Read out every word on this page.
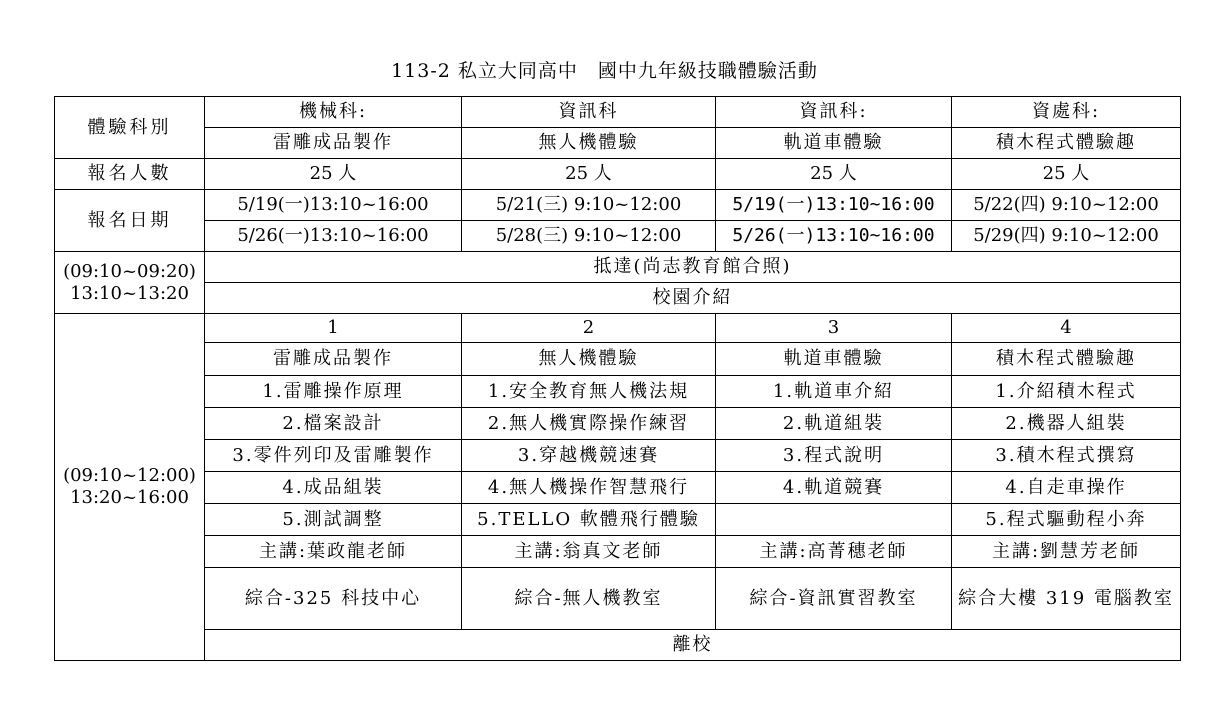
113-2 私立大同高中　國中九年級技職體驗活動
體驗科別	機械科:	資訊科	資訊科:	資處科:
	雷雕成品製作	無人機體驗	軌道車體驗	積木程式體驗趣
報名人數	25 人	25 人	25 人	25 人
報名日期	5/19(一)13:10~16:00	5/21(三) 9:10~12:00	5/19(一)13:10~16:00	5/22(四) 9:10~12:00
	5/26(一)13:10~16:00	5/28(三) 9:10~12:00	5/26(一)13:10~16:00	5/29(四) 9:10~12:00

(09:10~09:20)
13:10~13:20	抵達(尚志教育館合照)			
	校園介紹			

(09:10~12:00)
13:20~16:00	1	2	3	4
	雷雕成品製作	無人機體驗	軌道車體驗	積木程式體驗趣
	1.雷雕操作原理	1.安全教育無人機法規	1.軌道車介紹	1.介紹積木程式
	2.檔案設計	2.無人機實際操作練習	2.軌道組裝	2.機器人組裝
	3.零件列印及雷雕製作	3.穿越機競速賽	3.程式說明	3.積木程式撰寫
	4.成品組裝	4.無人機操作智慧飛行	4.軌道競賽	4.自走車操作
	5.測試調整	5.TELLO 軟體飛行體驗		5.程式驅動程小奔
	主講:葉政龍老師	主講:翁真文老師	主講:高菁穗老師	主講:劉慧芳老師
	綜合-325 科技中心	綜合-無人機教室	綜合-資訊實習教室	綜合大樓 319 電腦教室
	離校			
